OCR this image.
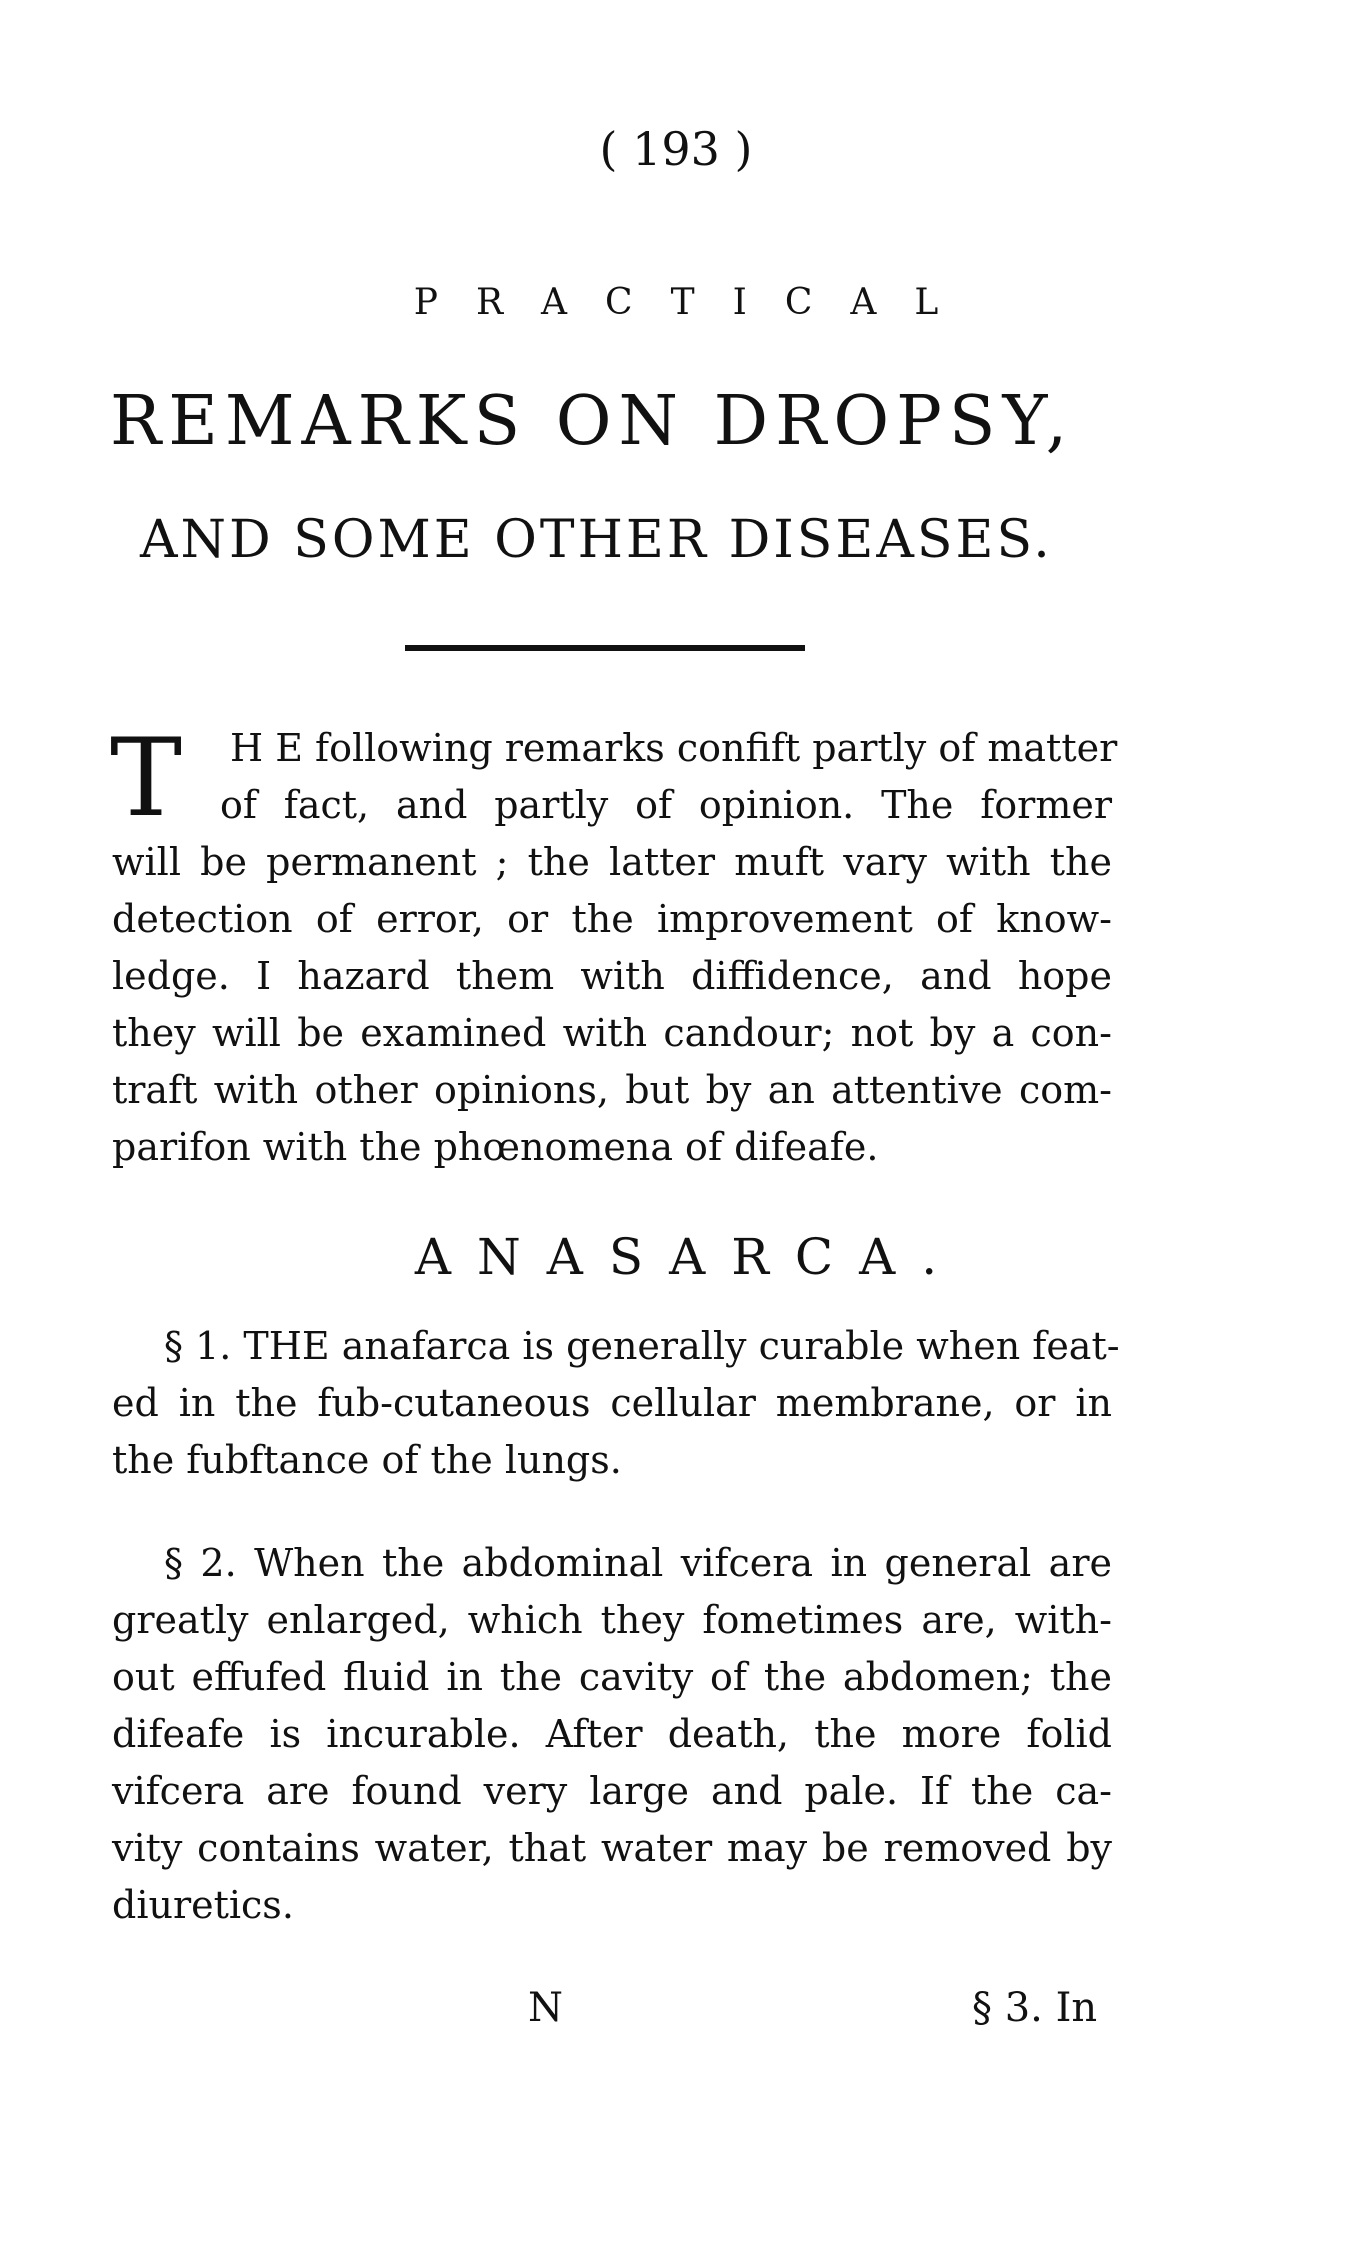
( 193 )
PRACTICAL
REMARKS ON DROPSY,
AND SOME OTHER DISEASES.
T	H E following remarks confift partly of matter
of fact, and partly of opinion. The former
will be permanent ; the latter muft vary with the
detection of error, or the improvement of know-
ledge. I hazard them with diffidence, and hope
they will be examined with candour; not by a con-
traft with other opinions, but by an attentive com-
parifon with the phœnomena of difeafe.
ANASARCA.
§ 1. THE anafarca is generally curable when feat-
ed in the fub-cutaneous cellular membrane, or in
the fubftance of the lungs.
§ 2. When the abdominal vifcera in general are
greatly enlarged, which they fometimes are, with-
out effufed fluid in the cavity of the abdomen; the
difeafe is incurable. After death, the more folid
vifcera are found very large and pale. If the ca-
vity contains water, that water may be removed by
diuretics.
N	§ 3. In
